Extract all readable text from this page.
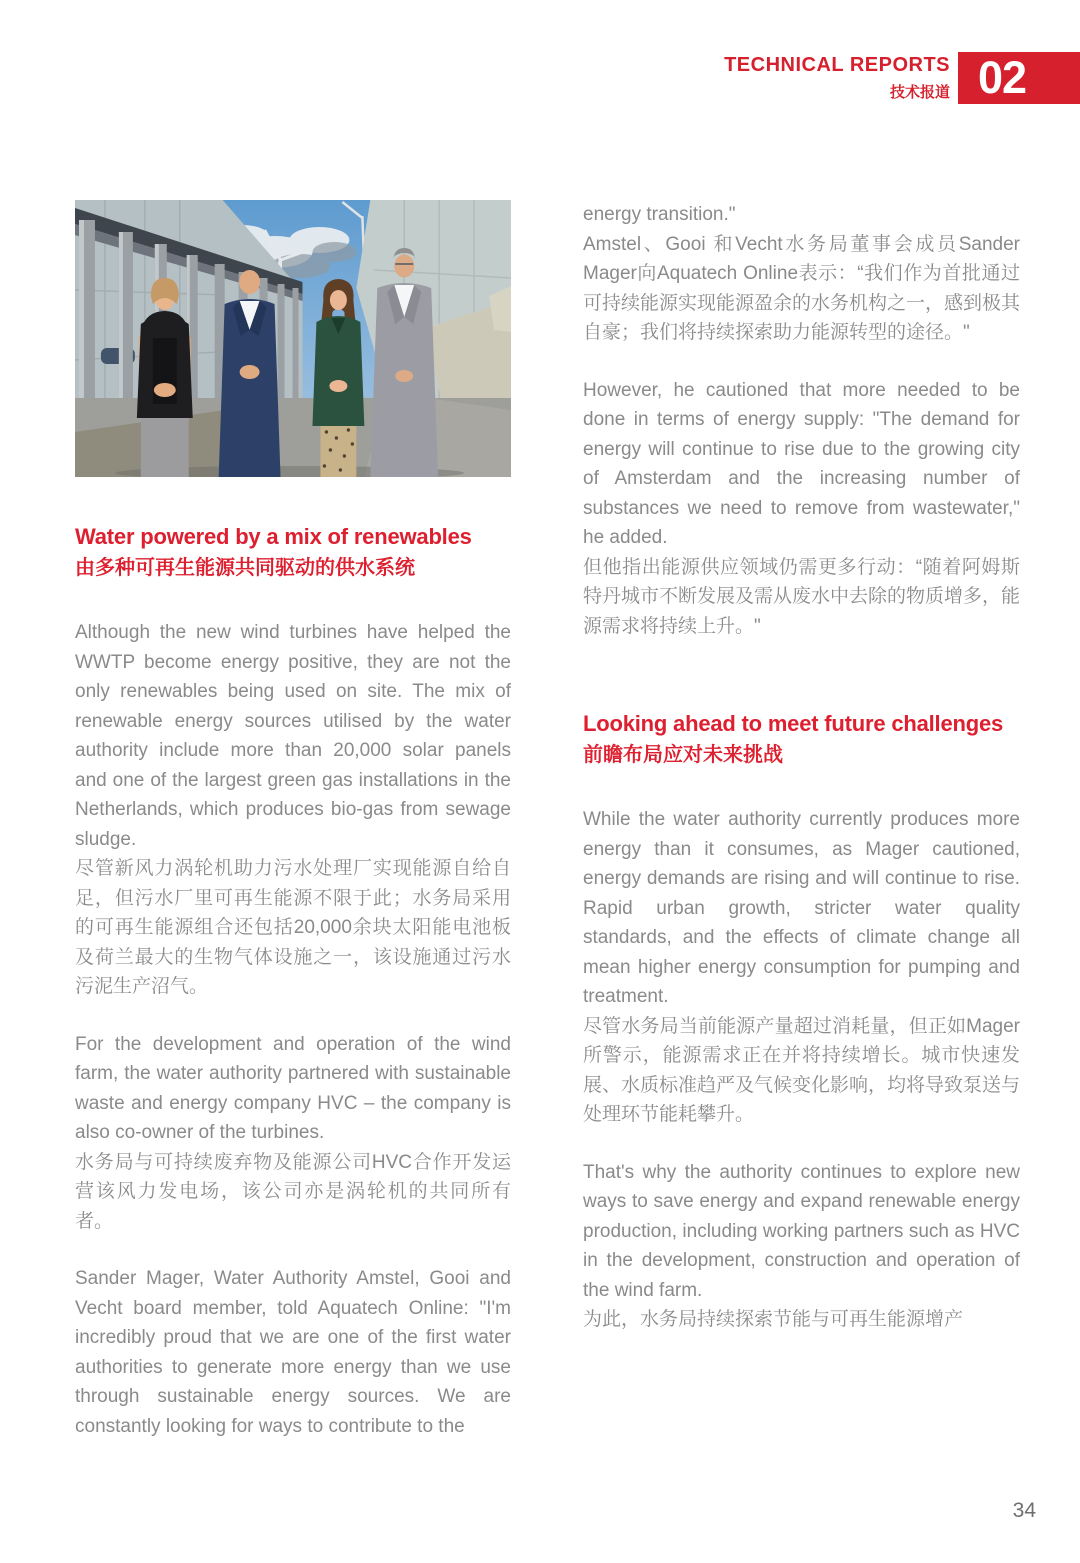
TECHNICAL REPORTS
技术报道 02
Water powered by a mix of renewables
由多种可再生能源共同驱动的供水系统

Although the new wind turbines have helped the WWTP become energy positive, they are not the only renewables being used on site. The mix of renewable energy sources utilised by the water authority include more than 20,000 solar panels and one of the largest green gas installations in the Netherlands, which produces bio-gas from sewage sludge.
尽管新风力涡轮机助力污水处理厂实现能源自给自足，但污水厂里可再生能源不限于此；水务局采用的可再生能源组合还包括20,000余块太阳能电池板及荷兰最大的生物气体设施之一，该设施通过污水污泥生产沼气。

For the development and operation of the wind farm, the water authority partnered with sustainable waste and energy company HVC – the company is also co-owner of the turbines.
水务局与可持续废弃物及能源公司HVC合作开发运营该风力发电场，该公司亦是涡轮机的共同所有者。

Sander Mager, Water Authority Amstel, Gooi and Vecht board member, told Aquatech Online: "I'm incredibly proud that we are one of the first water authorities to generate more energy than we use through sustainable energy sources. We are constantly looking for ways to contribute to the

energy transition."
Amstel、Gooi 和Vecht水务局董事会成员Sander Mager向Aquatech Online表示：“我们作为首批通过可持续能源实现能源盈余的水务机构之一，感到极其自豪；我们将持续探索助力能源转型的途径。"

However, he cautioned that more needed to be done in terms of energy supply: "The demand for energy will continue to rise due to the growing city of Amsterdam and the increasing number of substances we need to remove from wastewater," he added.
但他指出能源供应领域仍需更多行动：“随着阿姆斯特丹城市不断发展及需从废水中去除的物质增多，能源需求将持续上升。"

Looking ahead to meet future challenges
前瞻布局应对未来挑战

While the water authority currently produces more energy than it consumes, as Mager cautioned, energy demands are rising and will continue to rise. Rapid urban growth, stricter water quality standards, and the effects of climate change all mean higher energy consumption for pumping and treatment.
尽管水务局当前能源产量超过消耗量，但正如Mager所警示，能源需求正在并将持续增长。城市快速发展、水质标准趋严及气候变化影响，均将导致泵送与处理环节能耗攀升。

That's why the authority continues to explore new ways to save energy and expand renewable energy production, including working partners such as HVC in the development, construction and operation of the wind farm.
为此，水务局持续探索节能与可再生能源增产

34
